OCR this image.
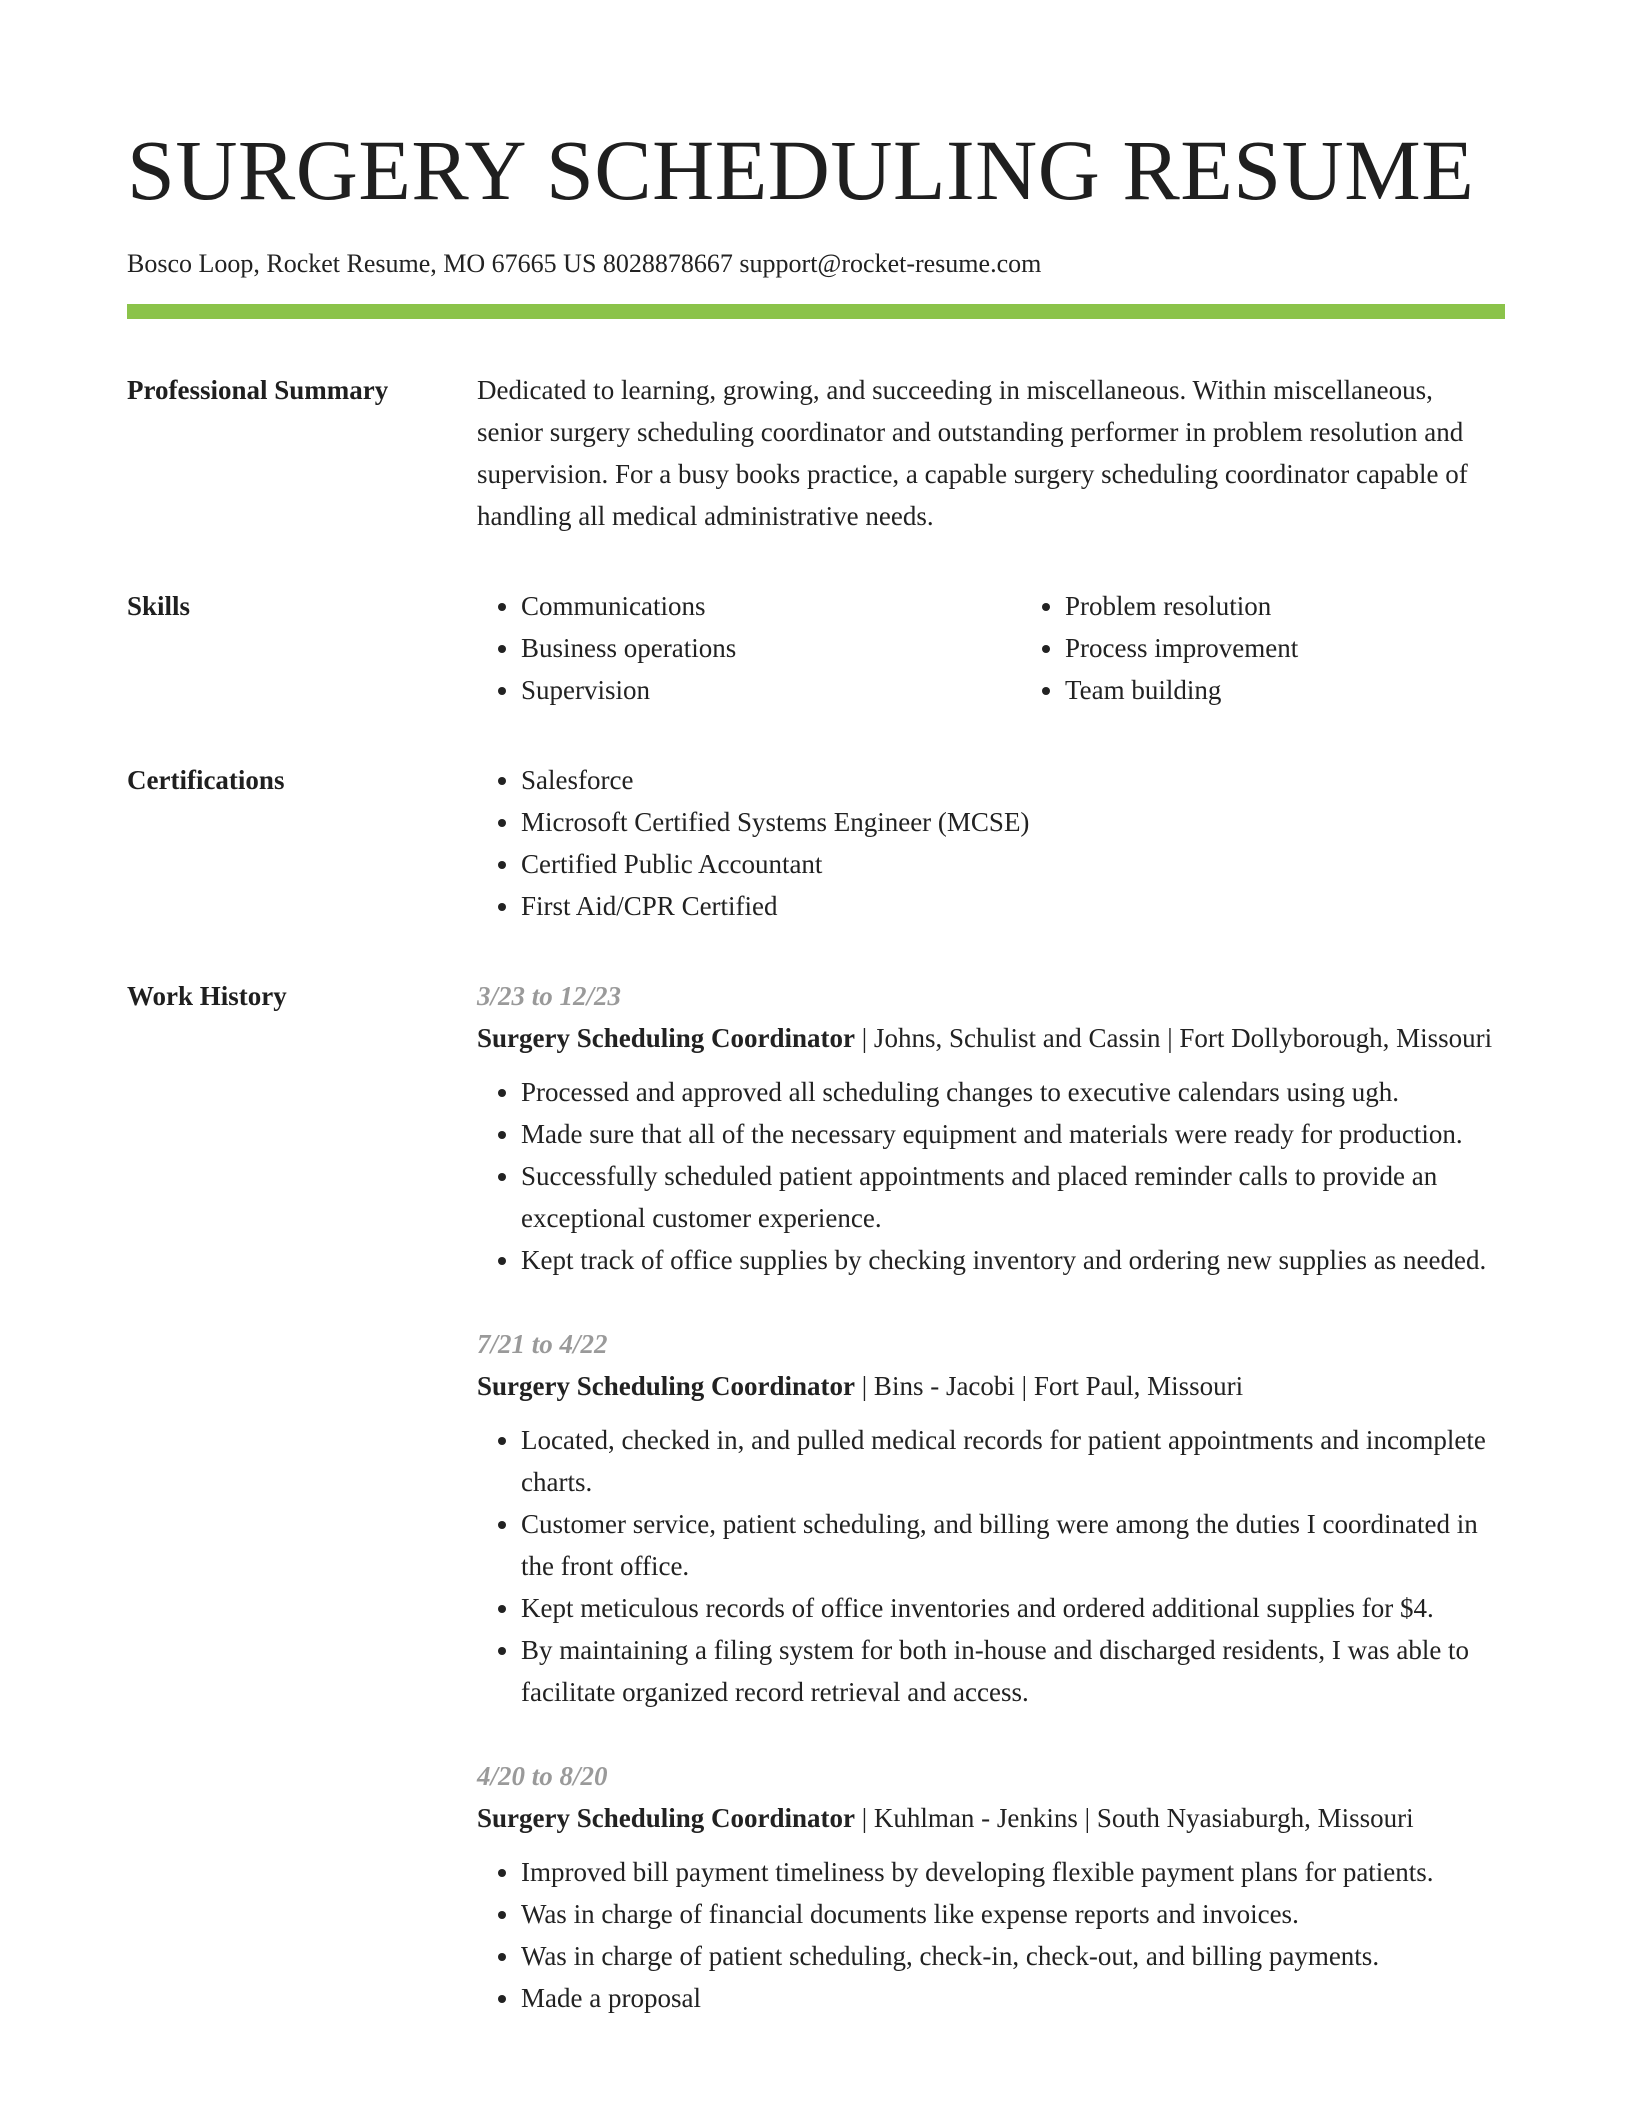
SURGERY SCHEDULING RESUME
Bosco Loop, Rocket Resume, MO 67665 US 8028878667 support@rocket-resume.com
Professional Summary	Dedicated to learning, growing, and succeeding in miscellaneous. Within miscellaneous, senior surgery scheduling coordinator and outstanding performer in problem resolution and supervision. For a busy books practice, a capable surgery scheduling coordinator capable of handling all medical administrative needs.

Skills	• Communications
• Business operations
• Supervision
• Problem resolution
• Process improvement
• Team building
Certifications	• Salesforce
• Microsoft Certified Systems Engineer (MCSE)
• Certified Public Accountant
• First Aid/CPR Certified
Work History	3/23 to 12/23
Surgery Scheduling Coordinator | Johns, Schulist and Cassin | Fort Dollyborough, Missouri
• Processed and approved all scheduling changes to executive calendars using ugh.
• Made sure that all of the necessary equipment and materials were ready for production.
• Successfully scheduled patient appointments and placed reminder calls to provide an exceptional customer experience.
• Kept track of office supplies by checking inventory and ordering new supplies as needed.
7/21 to 4/22
Surgery Scheduling Coordinator | Bins - Jacobi | Fort Paul, Missouri
• Located, checked in, and pulled medical records for patient appointments and incomplete charts.
• Customer service, patient scheduling, and billing were among the duties I coordinated in the front office.
• Kept meticulous records of office inventories and ordered additional supplies for $4.
• By maintaining a filing system for both in-house and discharged residents, I was able to facilitate organized record retrieval and access.
4/20 to 8/20
Surgery Scheduling Coordinator | Kuhlman - Jenkins | South Nyasiaburgh, Missouri
• Improved bill payment timeliness by developing flexible payment plans for patients.
• Was in charge of financial documents like expense reports and invoices.
• Was in charge of patient scheduling, check-in, check-out, and billing payments.
• Made a proposal
